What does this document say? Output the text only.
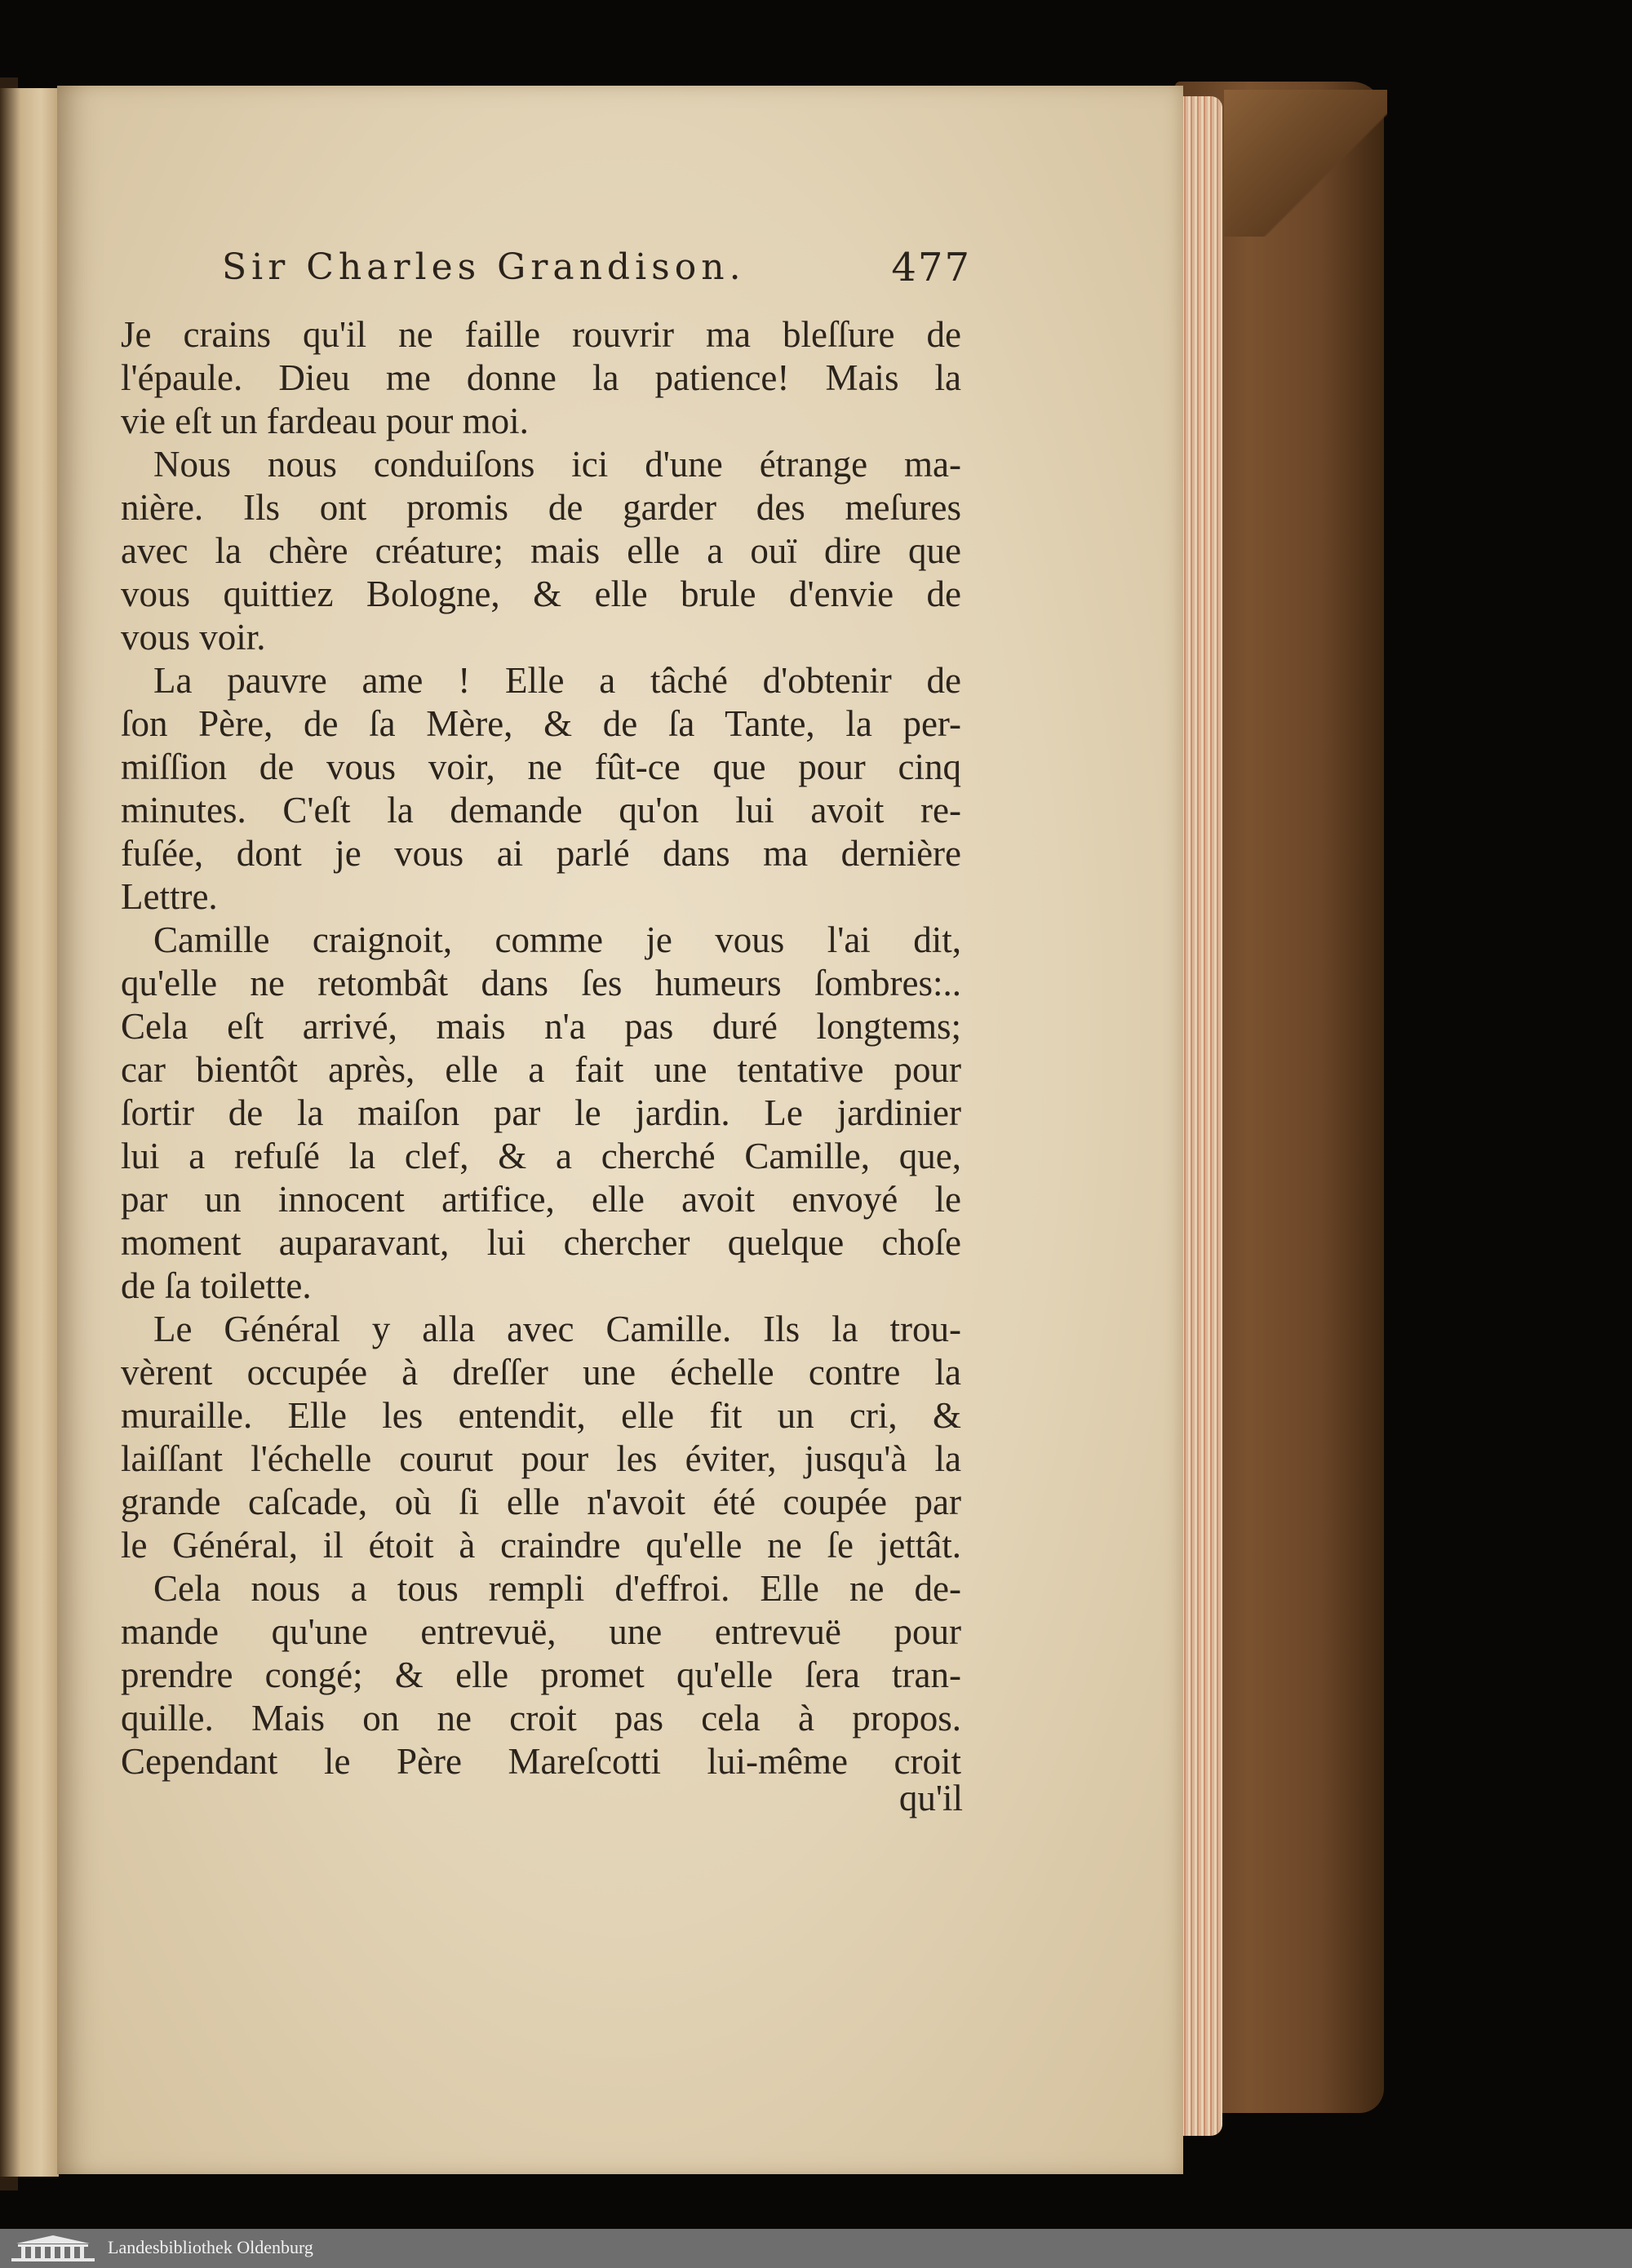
Sir Charles Grandison.	477
Je crains qu'il ne faille rouvrir ma bleſſure de
l'épaule. Dieu me donne la patience! Mais la
vie eſt un fardeau pour moi.
Nous nous conduiſons ici d'une étrange ma-
nière. Ils ont promis de garder des meſures
avec la chère créature; mais elle a ouï dire que
vous quittiez Bologne, & elle brule d'envie de
vous voir.
La pauvre ame ! Elle a tâché d'obtenir de
ſon Père, de ſa Mère, & de ſa Tante, la per-
miſſion de vous voir, ne fût-ce que pour cinq
minutes. C'eſt la demande qu'on lui avoit re-
fuſée, dont je vous ai parlé dans ma dernière
Lettre.
Camille craignoit, comme je vous l'ai dit,
qu'elle ne retombât dans ſes humeurs ſombres:..
Cela eſt arrivé, mais n'a pas duré longtems;
car bientôt après, elle a fait une tentative pour
ſortir de la maiſon par le jardin. Le jardinier
lui a refuſé la clef, & a cherché Camille, que,
par un innocent artifice, elle avoit envoyé le
moment auparavant, lui chercher quelque choſe
de ſa toilette.
Le Général y alla avec Camille. Ils la trou-
vèrent occupée à dreſſer une échelle contre la
muraille. Elle les entendit, elle fit un cri, &
laiſſant l'échelle courut pour les éviter, jusqu'à la
grande caſcade, où ſi elle n'avoit été coupée par
le Général, il étoit à craindre qu'elle ne ſe jettât.
Cela nous a tous rempli d'effroi. Elle ne de-
mande qu'une entrevuë, une entrevuë pour
prendre congé; & elle promet qu'elle ſera tran-
quille. Mais on ne croit pas cela à propos.
Cependant le Père Mareſcotti lui-même croit
qu'il
Landesbibliothek Oldenburg
